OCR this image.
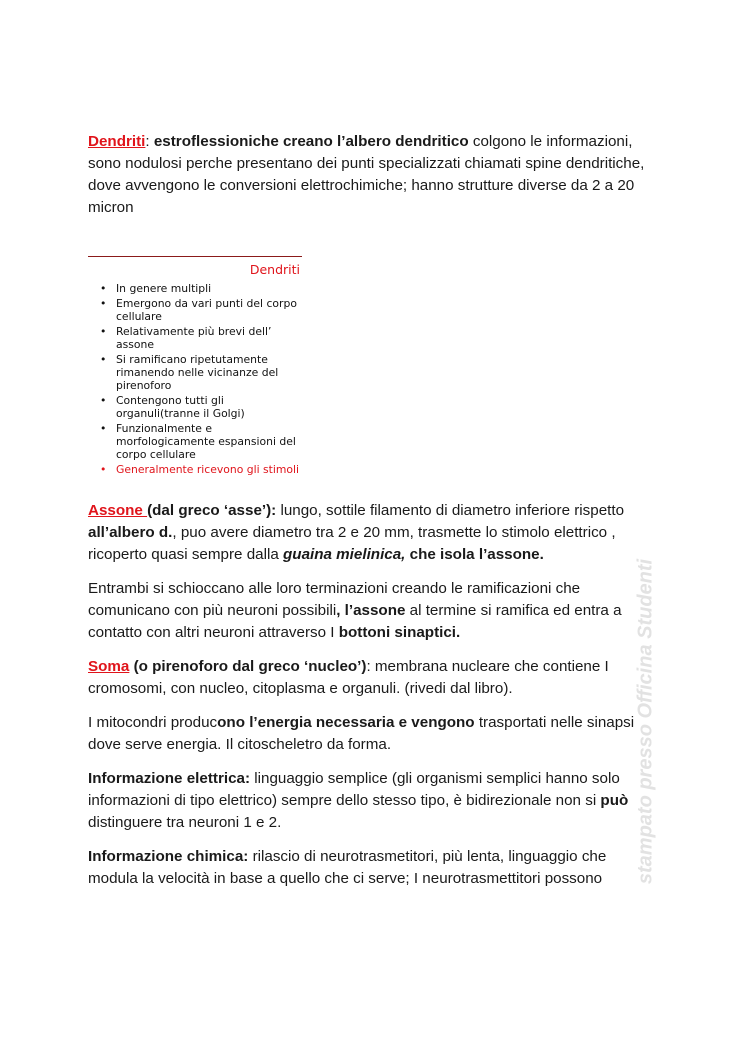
Dendriti: estroflessioniche creano l’albero dendritico colgono le informazioni, sono nodulosi perche presentano dei punti specializzati chiamati spine dendritiche, dove avvengono le conversioni elettrochimiche; hanno strutture diverse da 2 a 20 micron

Dendriti
• In genere multipli
• Emergono da vari punti del corpo cellulare
• Relativamente più brevi dell’ assone
• Si ramificano ripetutamente rimanendo nelle vicinanze del pirenoforo
• Contengono tutti gli organuli(tranne il Golgi)
• Funzionalmente e morfologicamente espansioni del corpo cellulare
• Generalmente ricevono gli stimoli

Assone (dal greco ‘asse’): lungo, sottile filamento di diametro inferiore rispetto all’albero d., puo avere diametro tra 2 e 20 mm, trasmette lo stimolo elettrico , ricoperto quasi sempre dalla guaina mielinica, che isola l’assone.

Entrambi si schioccano alle loro terminazioni creando le ramificazioni che comunicano con più neuroni possibili, l’assone al termine si ramifica ed entra a contatto con altri neuroni attraverso I bottoni sinaptici.

Soma (o pirenoforo dal greco ‘nucleo’): membrana nucleare che contiene I cromosomi, con nucleo, citoplasma e organuli. (rivedi dal libro).

I mitocondri producono l’energia necessaria e vengono trasportati nelle sinapsi dove serve energia. Il citoscheletro da forma.

Informazione elettrica: linguaggio semplice (gli organismi semplici hanno solo informazioni di tipo elettrico) sempre dello stesso tipo, è bidirezionale non si può distinguere tra neuroni 1 e 2.

Informazione chimica: rilascio di neurotrasmetitori, più lenta, linguaggio che modula la velocità in base a quello che ci serve; I neurotrasmettitori possono	stampato presso Officina Studenti
